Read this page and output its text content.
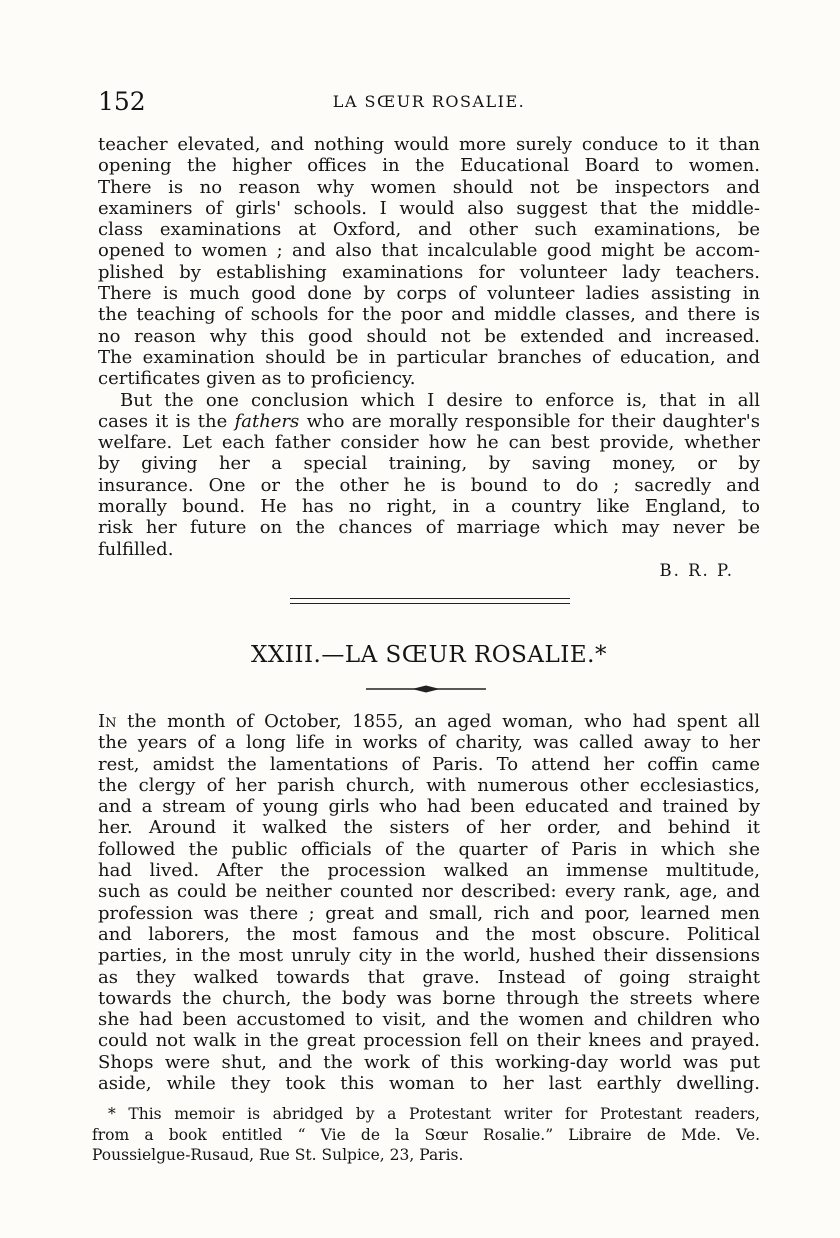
152	LA SŒUR ROSALIE.
teacher elevated, and nothing would more surely conduce to it than
opening the higher offices in the Educational Board to women.
There is no reason why women should not be inspectors and
examiners of girls' schools. I would also suggest that the middle-
class examinations at Oxford, and other such examinations, be
opened to women ; and also that incalculable good might be accom-
plished by establishing examinations for volunteer lady teachers.
There is much good done by corps of volunteer ladies assisting in
the teaching of schools for the poor and middle classes, and there is
no reason why this good should not be extended and increased.
The examination should be in particular branches of education, and
certificates given as to proficiency.
But the one conclusion which I desire to enforce is, that in all
cases it is the fathers who are morally responsible for their daughter's
welfare. Let each father consider how he can best provide, whether
by giving her a special training, by saving money, or by
insurance. One or the other he is bound to do ; sacredly and
morally bound. He has no right, in a country like England, to
risk her future on the chances of marriage which may never be
fulfilled.
B. R. P.
XXIII.—LA SŒUR ROSALIE.*
In the month of October, 1855, an aged woman, who had spent all
the years of a long life in works of charity, was called away to her
rest, amidst the lamentations of Paris. To attend her coffin came
the clergy of her parish church, with numerous other ecclesiastics,
and a stream of young girls who had been educated and trained by
her. Around it walked the sisters of her order, and behind it
followed the public officials of the quarter of Paris in which she
had lived. After the procession walked an immense multitude,
such as could be neither counted nor described: every rank, age, and
profession was there ; great and small, rich and poor, learned men
and laborers, the most famous and the most obscure. Political
parties, in the most unruly city in the world, hushed their dissensions
as they walked towards that grave. Instead of going straight
towards the church, the body was borne through the streets where
she had been accustomed to visit, and the women and children who
could not walk in the great procession fell on their knees and prayed.
Shops were shut, and the work of this working-day world was put
aside, while they took this woman to her last earthly dwelling.
* This memoir is abridged by a Protestant writer for Protestant readers,
from a book entitled “ Vie de la Sœur Rosalie.” Libraire de Mde. Ve.
Poussielgue-Rusaud, Rue St. Sulpice, 23, Paris.
